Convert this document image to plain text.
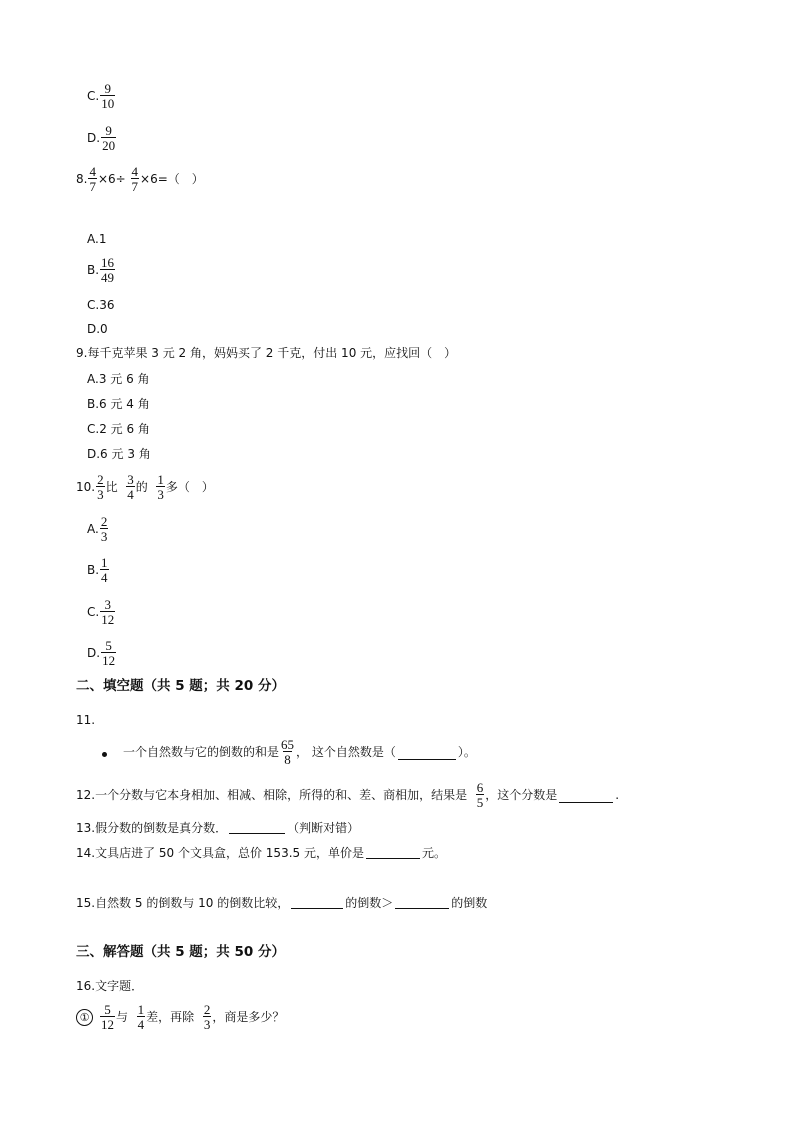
C. $\frac{9}{10}$
D. $\frac{9}{20}$
8. $\frac{4}{7} \times 6\div \frac{4}{7} \times 6=$（　）
A.1
B. $\frac{16}{49}$
C.36
D.0
9.每千克苹果 3 元 2 角，妈妈买了 2 千克，付出 10 元，应找回（　）
A.3 元 6 角
B.6 元 4 角
C.2 元 6 角
D.6 元 3 角
10. $\frac{2}{3}$ 比 $\frac{3}{4}$ 的 $\frac{1}{3}$ 多（　）
A. $\frac{2}{3}$
B. $\frac{1}{4}$
C. $\frac{3}{12}$
D. $\frac{5}{12}$
二、填空题（共 5 题；共 20 分）
11.
一个自然数与它的倒数的和是 $\frac{65}{8}$ ， 这个自然数是（	）。
12.一个分数与它本身相加、相减、相除，所得的和、差、商相加，结果是 $\frac{6}{5}$ ，这个分数是	.
13.假分数的倒数是真分数．	（判断对错）
14.文具店进了 50 个文具盒，总价 153.5 元，单价是	元。
15.自然数 5 的倒数与 10 的倒数比较，	的倒数＞	的倒数
三、解答题（共 5 题；共 50 分）
16.文字题．
① $\frac{5}{12}$ 与 $\frac{1}{4}$ 差，再除 $\frac{2}{3}$ ，商是多少？
